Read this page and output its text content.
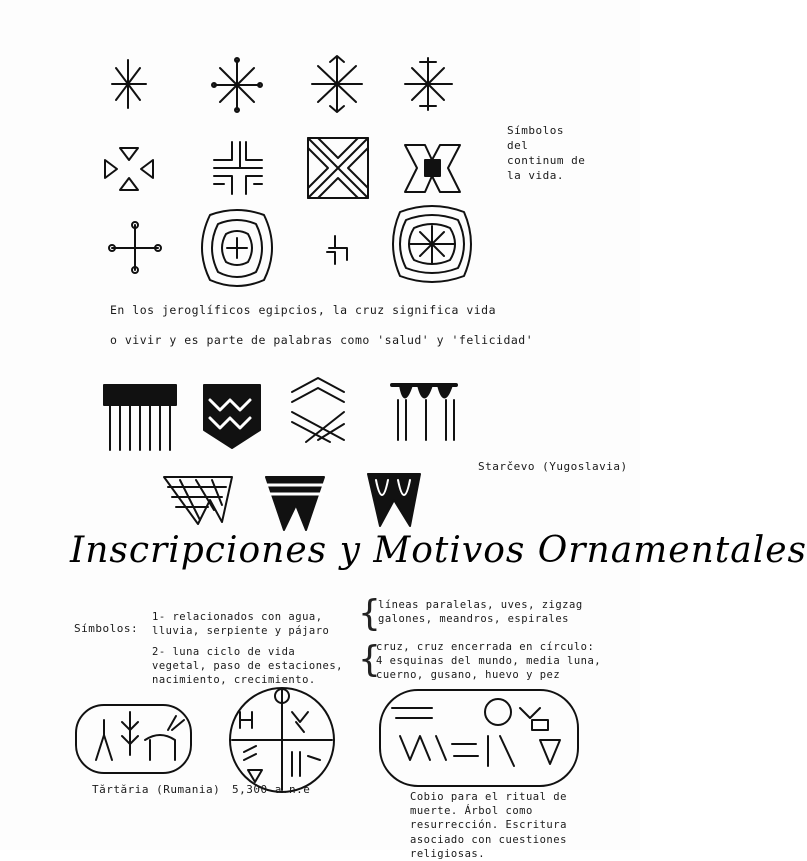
Símbolos del continum de la vida.
En los jeroglíficos egipcios, la cruz significa vida
o vivir y es parte de palabras como 'salud' y 'felicidad'
Starčevo (Yugoslavia)
Inscripciones y Motivos Ornamentales
Símbolos:
1- relacionados con agua, lluvia, serpiente y pájaro
2- luna ciclo de vida vegetal, paso de estaciones, nacimiento, crecimiento.
{
líneas paralelas, uves, zigzag galones, meandros, espirales
{
cruz, cruz encerrada en círculo: 4 esquinas del mundo, media luna, cuerno, gusano, huevo y pez
Tărtăria (Rumania) 5,300 a.n.e
Cobio para el ritual de muerte. Árbol como resurrección. Escritura asociado con cuestiones religiosas.
